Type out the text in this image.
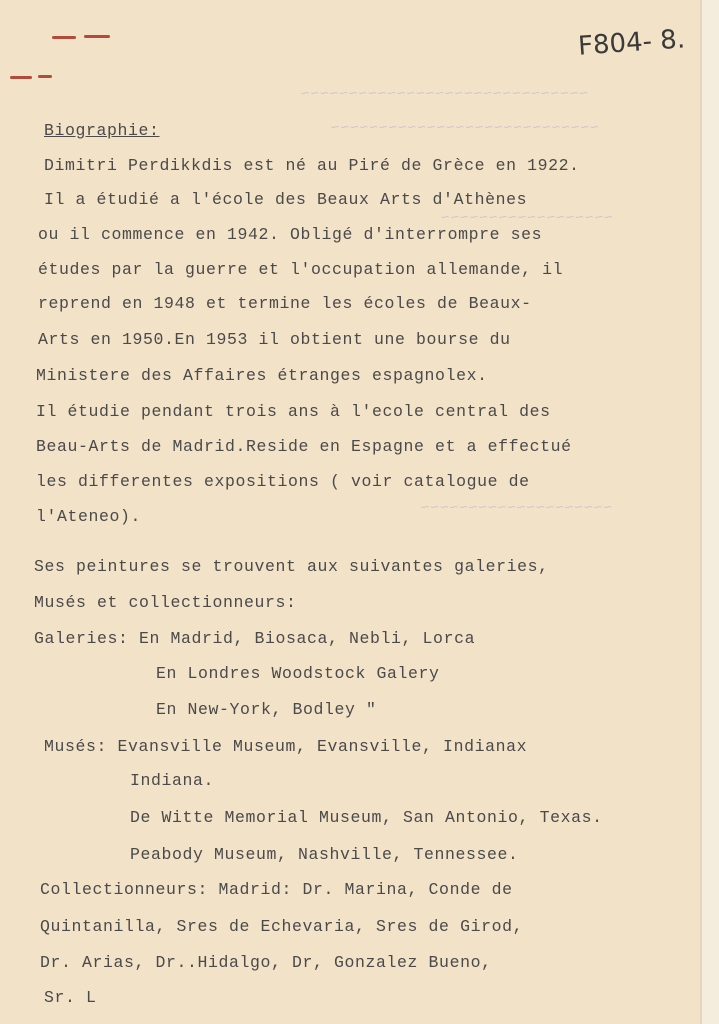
~~~~~~~~~~~~~~~~~~~~~~~~~~~~~~
~~~~~~~~~~~~~~~~~~~~~~~~~~~~
~~~~~~~~~~~~~~~~~~
~~~~~~~~~~~~~~~~~~~~
F804- 8.
Biographie:
Dimitri Perdikkdis est né au Piré de Grèce en 1922.
Il a étudié a l'école des Beaux Arts d'Athènes
ou il commence en 1942. Obligé d'interrompre ses
études par la guerre et l'occupation allemande, il
reprend en 1948 et termine les écoles de Beaux-
Arts en 1950.En 1953 il obtient une bourse du
Ministere des Affaires étranges espagnolex.
Il étudie pendant trois ans à l'ecole central des
Beau-Arts de Madrid.Reside en Espagne et a effectué
les differentes expositions ( voir catalogue de
l'Ateneo).
Ses peintures se trouvent aux suivantes galeries,
Musés et collectionneurs:
Galeries: En Madrid, Biosaca, Nebli, Lorca
En Londres Woodstock Galery
En New-York, Bodley "
Musés: Evansville Museum, Evansville, Indianax
Indiana.
De Witte Memorial Museum, San Antonio, Texas.
Peabody Museum, Nashville, Tennessee.
Collectionneurs: Madrid: Dr. Marina, Conde de
Quintanilla, Sres de Echevaria, Sres de Girod,
Dr. Arias, Dr..Hidalgo, Dr, Gonzalez Bueno,
Sr. L
